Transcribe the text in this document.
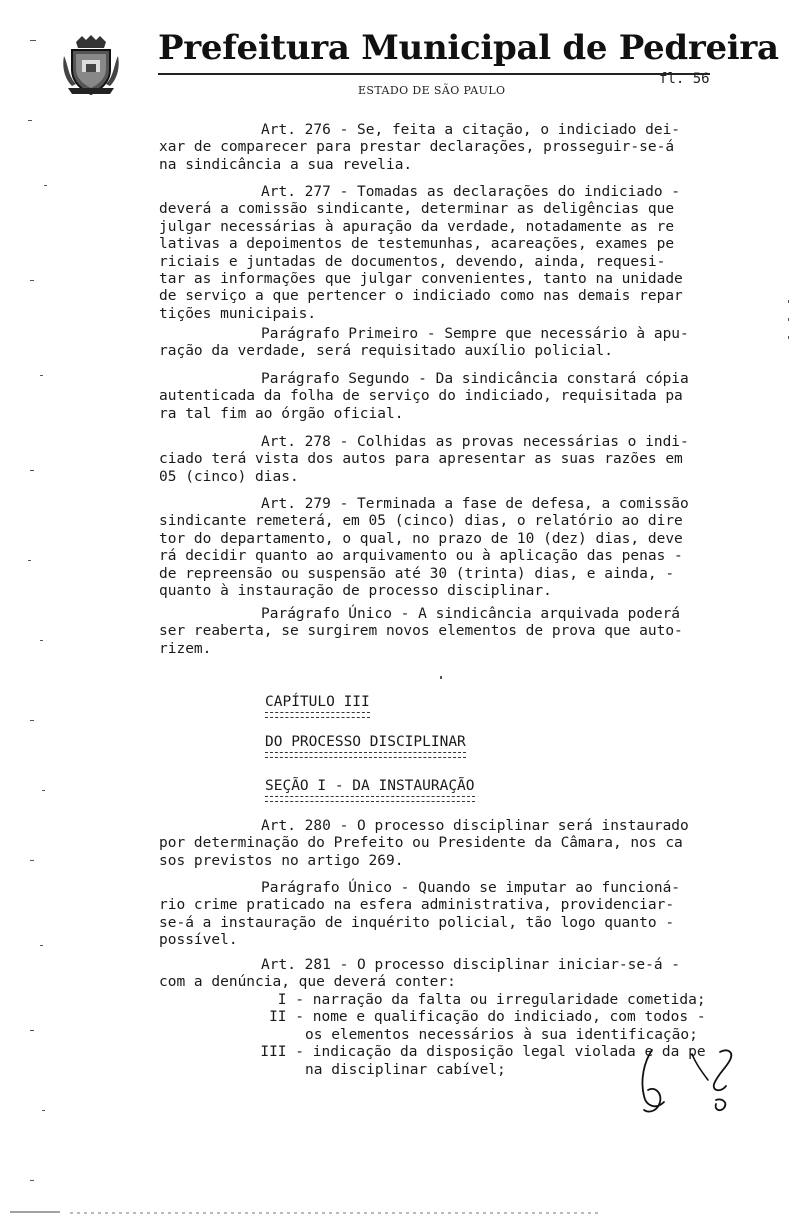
Prefeitura Municipal de Pedreira
ESTADO DE SÃO PAULO
fl. 56
Art. 276 - Se, feita a citação, o indiciado dei-
xar de comparecer para prestar declarações, prosseguir-se-á
na sindicância a sua revelia.
Art. 277 - Tomadas as declarações do indiciado -
deverá a comissão sindicante, determinar as deligências que
julgar necessárias à apuração da verdade, notadamente as re
lativas a depoimentos de testemunhas, acareações, exames pe
riciais e juntadas de documentos, devendo, ainda, requesi-
tar as informações que julgar convenientes, tanto na unidade
de serviço a que pertencer o indiciado como nas demais repar
tições municipais.
Parágrafo Primeiro - Sempre que necessário à apu-
ração da verdade, será requisitado auxílio policial.
Parágrafo Segundo - Da sindicância constará cópia
autenticada da folha de serviço do indiciado, requisitada pa
ra tal fim ao órgão oficial.
Art. 278 - Colhidas as provas necessárias o indi-
ciado terá vista dos autos para apresentar as suas razões em
05 (cinco) dias.
Art. 279 - Terminada a fase de defesa, a comissão
sindicante remeterá, em 05 (cinco) dias, o relatório ao dire
tor do departamento, o qual, no prazo de 10 (dez) dias, deve
rá decidir quanto ao arquivamento ou à aplicação das penas -
de repreensão ou suspensão até 30 (trinta) dias, e ainda, -
quanto à instauração de processo disciplinar.
Parágrafo Único - A sindicância arquivada poderá
ser reaberta, se surgirem novos elementos de prova que auto-
rizem.
CAPÍTULO III
DO PROCESSO DISCIPLINAR
SEÇÃO I - DA INSTAURAÇÃO
Art. 280 - O processo disciplinar será instaurado
por determinação do Prefeito ou Presidente da Câmara, nos ca
sos previstos no artigo 269.
Parágrafo Único - Quando se imputar ao funcioná-
rio crime praticado na esfera administrativa, providenciar-
se-á a instauração de inquérito policial, tão logo quanto -
possível.
Art. 281 - O processo disciplinar iniciar-se-á -
com a denúncia, que deverá conter:
I - narração da falta ou irregularidade cometida;
II - nome e qualificação do indiciado, com todos -
os elementos necessários à sua identificação;
III - indicação da disposição legal violada e da pe
na disciplinar cabível;
